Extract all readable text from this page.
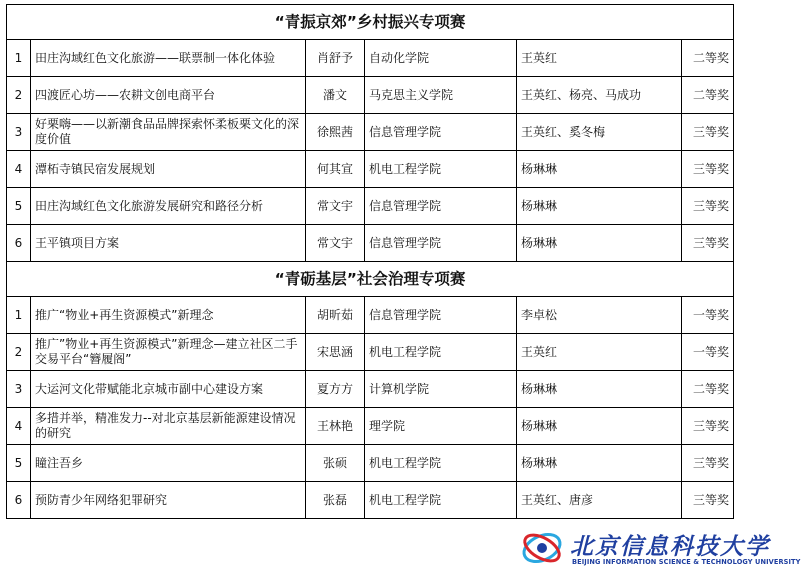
“青振京郊”乡村振兴专项赛					
1	田庄沟域红色文化旅游——联票制一体化体验	肖舒予	自动化学院	王英红	二等奖
2	四渡匠心坊——农耕文创电商平台	潘文	马克思主义学院	王英红、杨亮、马成功	二等奖
3	好栗嗨——以新潮食品品牌探索怀柔板栗文化的深度价值	徐熙茜	信息管理学院	王英红、奚冬梅	三等奖
4	潭柘寺镇民宿发展规划	何其宣	机电工程学院	杨琳琳	三等奖
5	田庄沟域红色文化旅游发展研究和路径分析	常文宇	信息管理学院	杨琳琳	三等奖
6	王平镇项目方案	常文宇	信息管理学院	杨琳琳	三等奖
“青砺基层”社会治理专项赛					
1	推广“物业+再生资源模式”新理念	胡昕茹	信息管理学院	李卓松	一等奖
2	推广”物业+再生资源模式”新理念—建立社区二手交易平台“簪履阁”	宋思涵	机电工程学院	王英红	一等奖
3	大运河文化带赋能北京城市副中心建设方案	夏方方	计算机学院	杨琳琳	二等奖
4	多措并举，精准发力--对北京基层新能源建设情况的研究	王林艳	理学院	杨琳琳	三等奖
5	瞳注吾乡	张硕	机电工程学院	杨琳琳	三等奖
6	预防青少年网络犯罪研究	张磊	机电工程学院	王英红、唐彦	三等奖
北京信息科技大学
BEIJING INFORMATION SCIENCE & TECHNOLOGY UNIVERSITY
